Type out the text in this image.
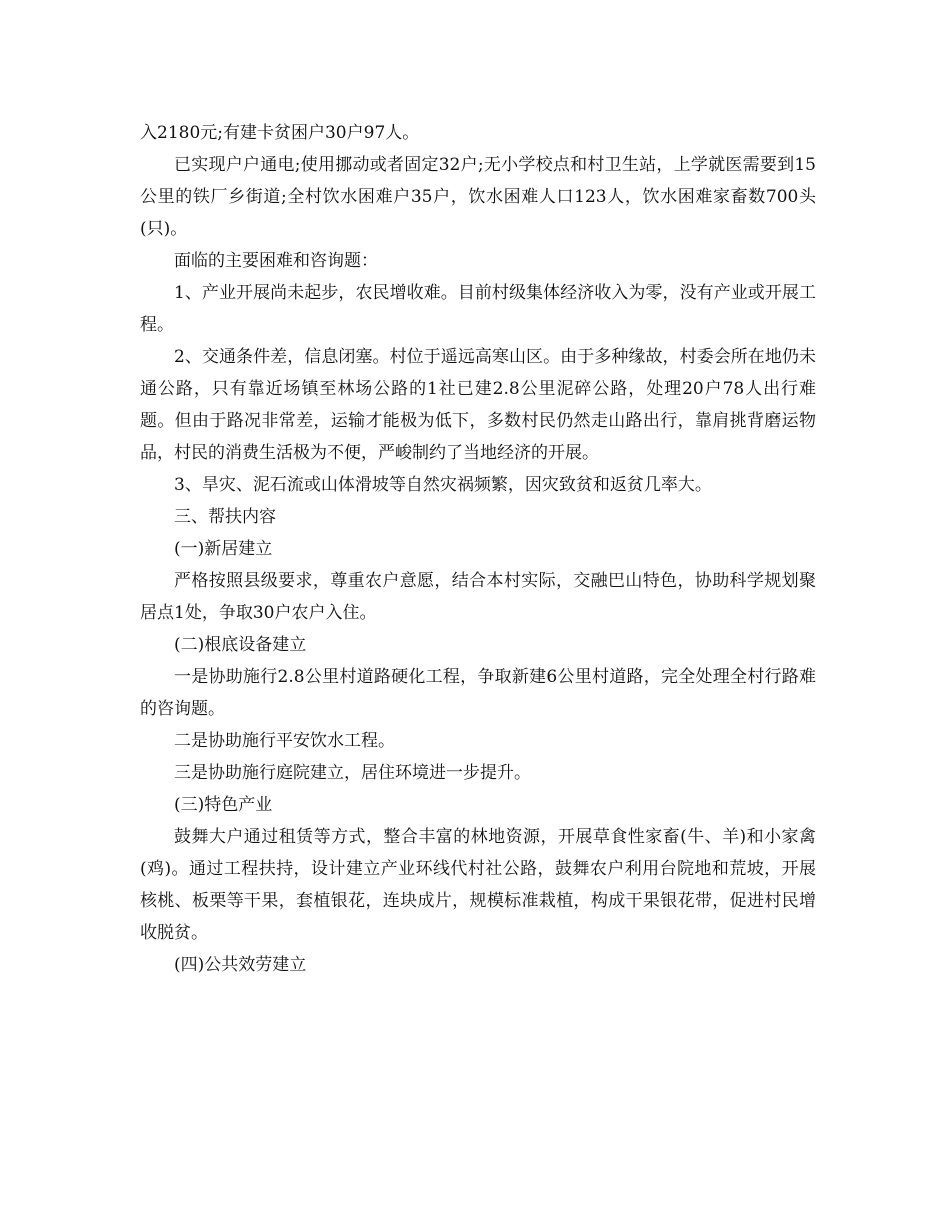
入2180元;有建卡贫困户30户97人。

已实现户户通电;使用挪动或者固定32户;无小学校点和村卫生站，上学就医需要到15公里的铁厂乡街道;全村饮水困难户35户，饮水困难人口123人，饮水困难家畜数700头(只)。

面临的主要困难和咨询题：

1、产业开展尚未起步，农民增收难。目前村级集体经济收入为零，没有产业或开展工程。

2、交通条件差，信息闭塞。村位于遥远高寒山区。由于多种缘故，村委会所在地仍未通公路，只有靠近场镇至林场公路的1社已建2.8公里泥碎公路，处理20户78人出行难题。但由于路况非常差，运输才能极为低下，多数村民仍然走山路出行，靠肩挑背磨运物品，村民的消费生活极为不便，严峻制约了当地经济的开展。

3、旱灾、泥石流或山体滑坡等自然灾祸频繁，因灾致贫和返贫几率大。

三、帮扶内容

(一)新居建立

严格按照县级要求，尊重农户意愿，结合本村实际，交融巴山特色，协助科学规划聚居点1处，争取30户农户入住。

(二)根底设备建立

一是协助施行2.8公里村道路硬化工程，争取新建6公里村道路，完全处理全村行路难的咨询题。

二是协助施行平安饮水工程。

三是协助施行庭院建立，居住环境进一步提升。

(三)特色产业

鼓舞大户通过租赁等方式，整合丰富的林地资源，开展草食性家畜(牛、羊)和小家禽(鸡)。通过工程扶持，设计建立产业环线代村社公路，鼓舞农户利用台院地和荒坡，开展核桃、板栗等干果，套植银花，连块成片，规模标准栽植，构成干果银花带，促进村民增收脱贫。

(四)公共效劳建立
